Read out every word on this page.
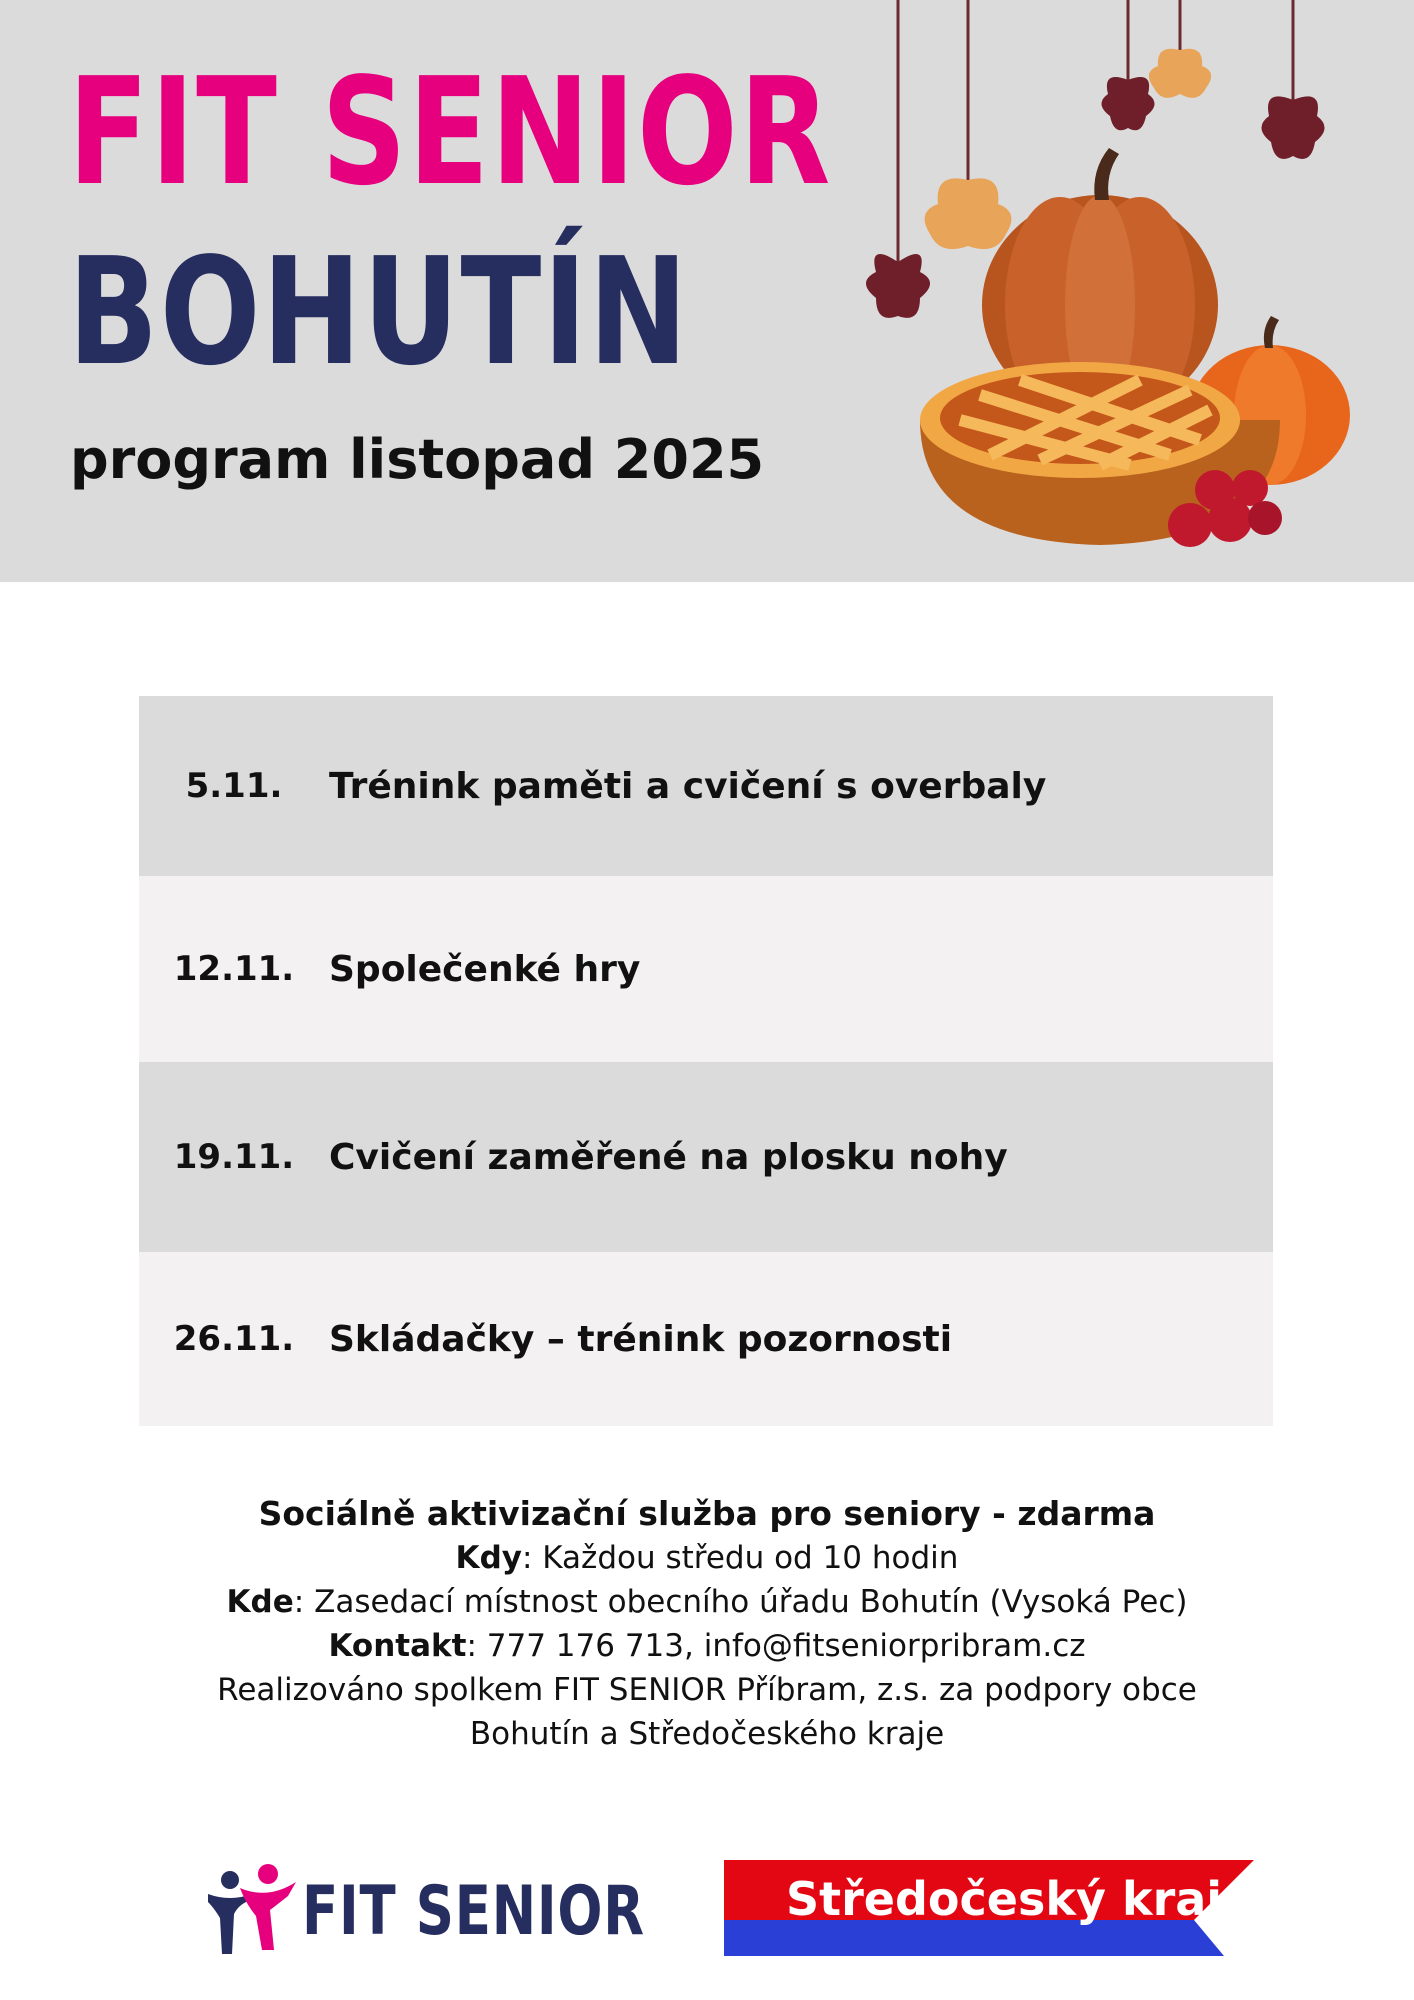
FIT SENIOR
BOHUTÍN
program listopad 2025
5.11.	Trénink paměti a cvičení s overbaly
12.11. Společenké hry
19.11. Cvičení zaměřené na plosku nohy
26.11. Skládačky – trénink pozornosti
Sociálně aktivizační služba pro seniory - zdarma
Kdy: Každou středu od 10 hodin
Kde: Zasedací místnost obecního úřadu Bohutín (Vysoká Pec)
Kontakt: 777 176 713, info@fitseniorpribram.cz
Realizováno spolkem FIT SENIOR Příbram, z.s. za podpory obce
Bohutín a Středočeského kraje
FIT SENIOR	Středočeský kraj
